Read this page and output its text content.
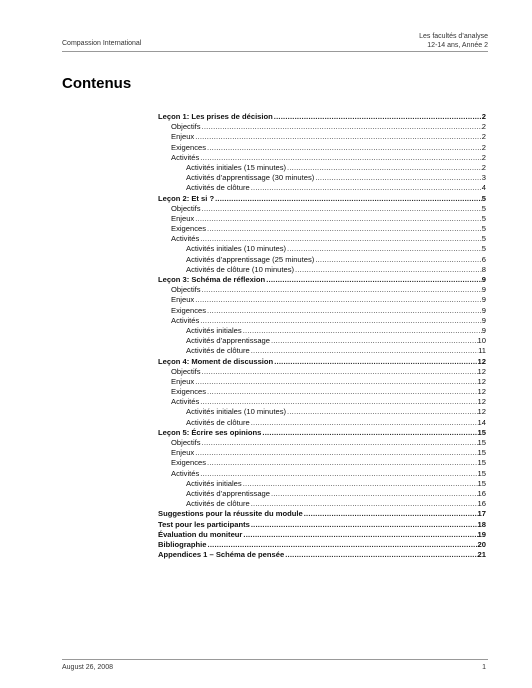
Compassion International
Les facultés d’analyse
12-14 ans, Année 2
Contenus
Leçon 1: Les prises de décision .....	2
Objectifs .....	2
Enjeux .....	2
Exigences .....	2
Activités .....	2
Activités initiales (15 minutes) .....	2
Activités d’apprentissage (30 minutes) .....	3
Activités de clôture .....	4
Leçon 2: Et si ? .....	5
Objectifs .....	5
Enjeux .....	5
Exigences .....	5
Activités .....	5
Activités initiales (10 minutes) .....	5
Activités d’apprentissage (25 minutes) .....	6
Activités de clôture (10 minutes) .....	8
Leçon 3: Schéma de réflexion .....	9
Objectifs .....	9
Enjeux .....	9
Exigences .....	9
Activités .....	9
Activités initiales .....	9
Activités d’apprentissage .....	10
Activités de clôture .....	11
Leçon 4: Moment de discussion .....	12
Objectifs .....	12
Enjeux .....	12
Exigences .....	12
Activités .....	12
Activités initiales (10 minutes) .....	12
Activités de clôture .....	14
Leçon 5: Écrire ses opinions .....	15
Objectifs .....	15
Enjeux .....	15
Exigences .....	15
Activités .....	15
Activités initiales .....	15
Activités d’apprentissage .....	16
Activités de clôture .....	16
Suggestions pour la réussite du module .....	17
Test pour les participants .....	18
Évaluation du moniteur .....	19
Bibliographie .....	20
Appendices 1 – Schéma de pensée .....	21
August 26, 2008	1
